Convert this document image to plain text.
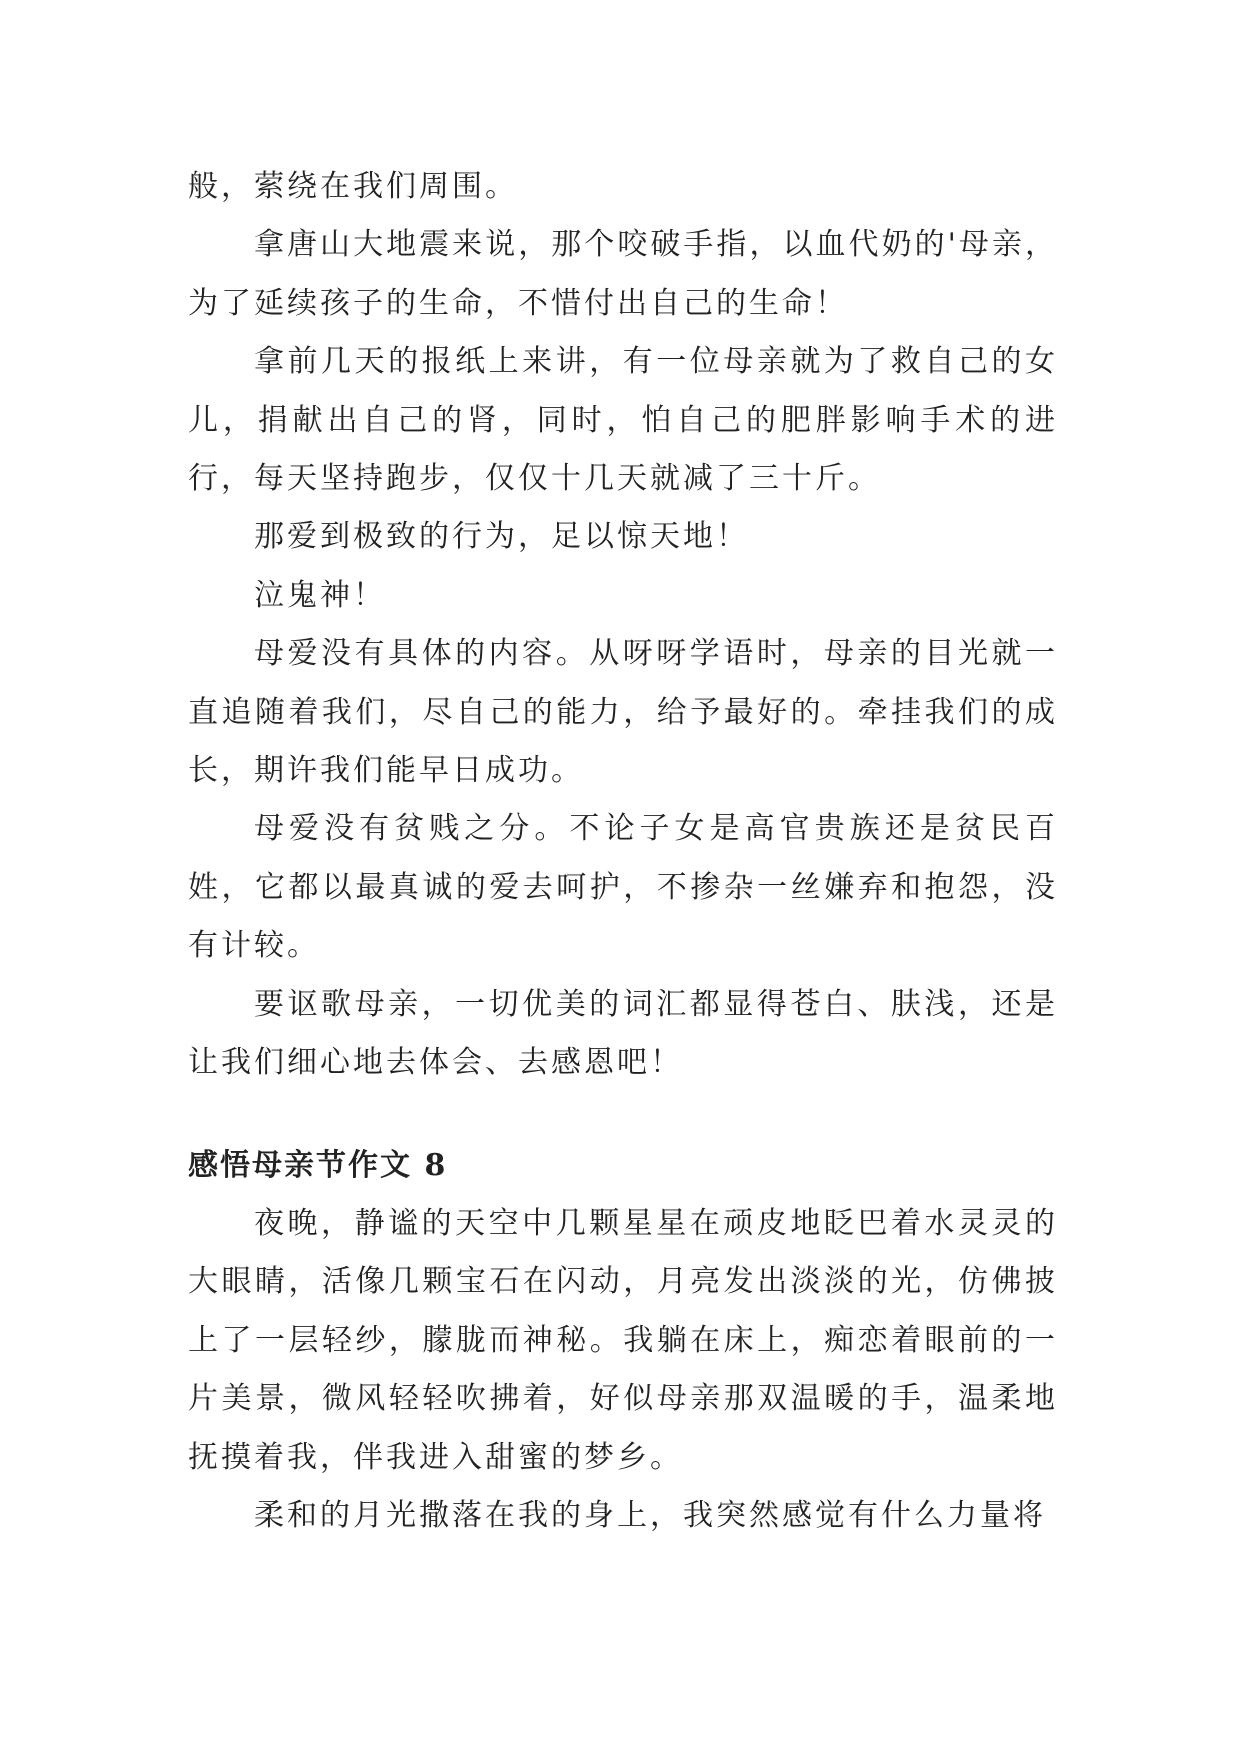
般，萦绕在我们周围。

拿唐山大地震来说，那个咬破手指，以血代奶的'母亲，为了延续孩子的生命，不惜付出自己的生命！

拿前几天的报纸上来讲，有一位母亲就为了救自己的女儿，捐献出自己的肾，同时，怕自己的肥胖影响手术的进行，每天坚持跑步，仅仅十几天就减了三十斤。

那爱到极致的行为，足以惊天地！

泣鬼神！

母爱没有具体的内容。从呀呀学语时，母亲的目光就一直追随着我们，尽自己的能力，给予最好的。牵挂我们的成长，期许我们能早日成功。

母爱没有贫贱之分。不论子女是高官贵族还是贫民百姓，它都以最真诚的爱去呵护，不掺杂一丝嫌弃和抱怨，没有计较。

要讴歌母亲，一切优美的词汇都显得苍白、肤浅，还是让我们细心地去体会、去感恩吧！

感悟母亲节作文 8

夜晚，静谧的天空中几颗星星在顽皮地眨巴着水灵灵的大眼睛，活像几颗宝石在闪动，月亮发出淡淡的光，仿佛披上了一层轻纱，朦胧而神秘。我躺在床上，痴恋着眼前的一片美景，微风轻轻吹拂着，好似母亲那双温暖的手，温柔地抚摸着我，伴我进入甜蜜的梦乡。

柔和的月光撒落在我的身上，我突然感觉有什么力量将
